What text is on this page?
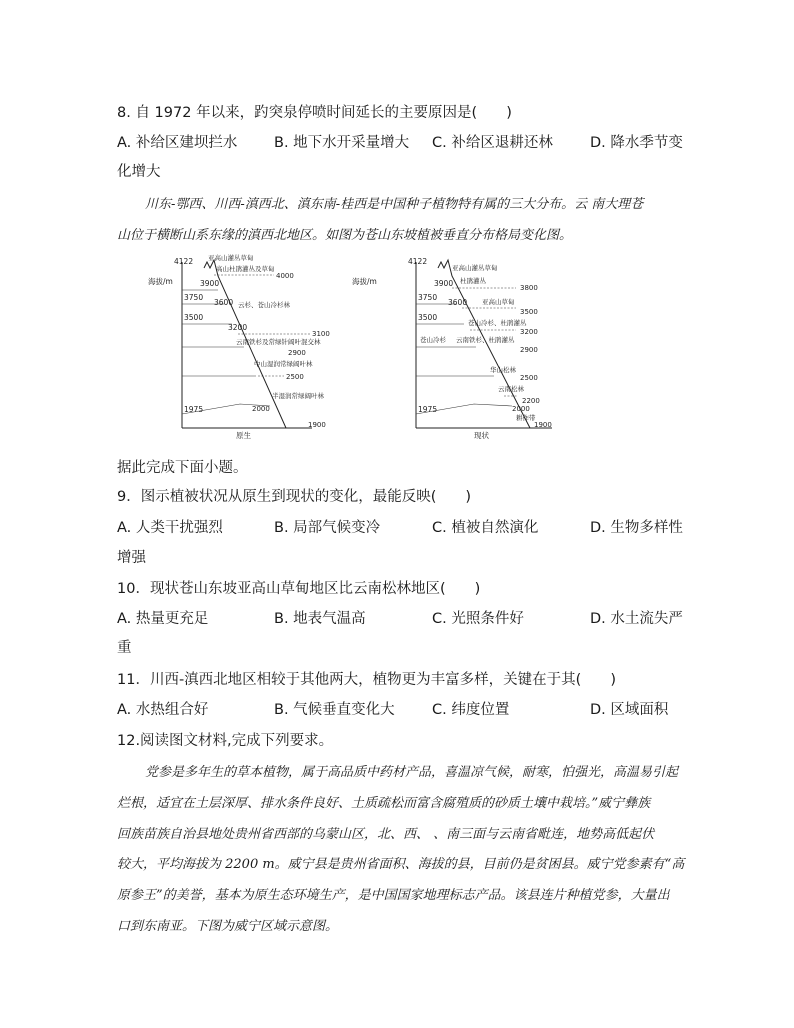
8. 自 1972 年以来，趵突泉停喷时间延长的主要原因是(　　)
A. 补给区建坝拦水	B. 地下水开采量增大 C. 补给区退耕还林	D. 降水季节变
化增大
川东-鄂西、川西-滇西北、滇东南-桂西是中国种子植物特有属的三大分布。云 南大理苍
山位于横断山系东缘的滇西北地区。如图为苍山东坡植被垂直分布格局变化图。
海拔/m
4122 亚高山灌丛草甸
高山杜鹃灌丛及草甸
4000
3900
3750
3600 云杉、苍山冷杉林
3500
3200
3100
云南铁杉及常绿针阔叶混交林
2900
中山湿润常绿阔叶林
2500
半湿润常绿阔叶林
1975	2000
1900
原生
海拔/m
4122
亚高山灌丛草甸
3900 杜鹃灌丛
3800
3750
3600 亚高山草甸
3500
3500
苍山冷杉、杜鹃灌丛
3200
苍山冷杉 云南铁杉、杜鹃灌丛
2900
华山松林
2500
云南松林
2200
1975	2000
耕作带
1900
现状
据此完成下面小题。
9．图示植被状况从原生到现状的变化，最能反映(　　)
A. 人类干扰强烈	B. 局部气候变冷	C. 植被自然演化	D. 生物多样性
增强
10．现状苍山东坡亚高山草甸地区比云南松林地区(　　)
A. 热量更充足	B. 地表气温高	C. 光照条件好	D. 水土流失严
重
11．川西-滇西北地区相较于其他两大，植物更为丰富多样，关键在于其(　　)
A. 水热组合好	B. 气候垂直变化大	C. 纬度位置	D. 区域面积
12.阅读图文材料,完成下列要求。
党参是多年生的草本植物，属于高品质中药材产品，喜温凉气候，耐寒，怕强光，高温易引起
烂根，适宜在土层深厚、排水条件良好、土质疏松而富含腐殖质的砂质土壤中栽培。”威宁彝族
回族苗族自治县地处贵州省西部的乌蒙山区，北、西、 、南三面与云南省毗连，地势高低起伏
较大，平均海拔为 2200 m。威宁县是贵州省面积、海拔的县，目前仍是贫困县。威宁党参素有“高
原参王”的美誉，基本为原生态环境生产，是中国国家地理标志产品。该县连片种植党参，大量出
口到东南亚。下图为威宁区域示意图。
